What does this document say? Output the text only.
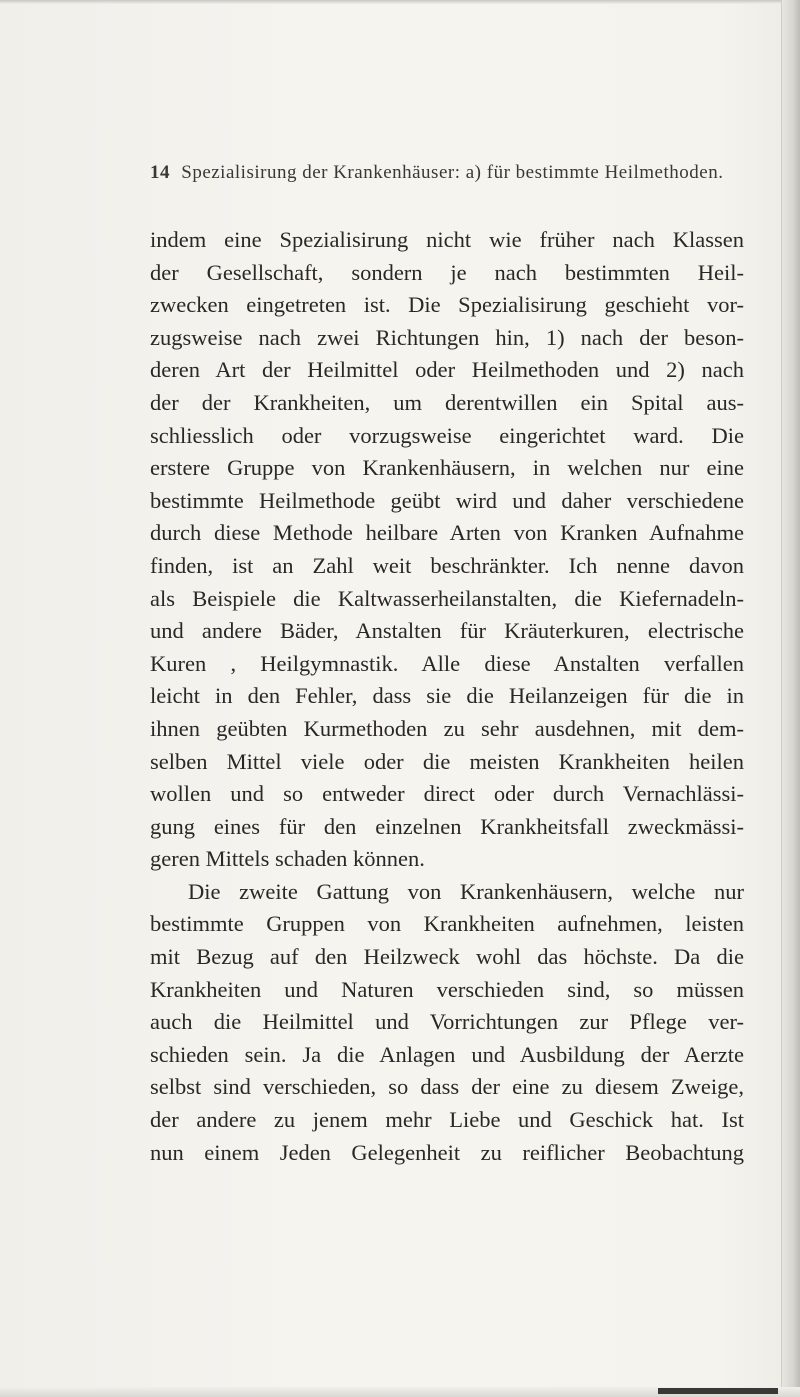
14 Spezialisirung der Krankenhäuser: a) für bestimmte Heilmethoden.
indem eine Spezialisirung nicht wie früher nach Klassen
der Gesellschaft, sondern je nach bestimmten Heil-
zwecken eingetreten ist. Die Spezialisirung geschieht vor-
zugsweise nach zwei Richtungen hin, 1) nach der beson-
deren Art der Heilmittel oder Heilmethoden und 2) nach
der der Krankheiten, um derentwillen ein Spital aus-
schliesslich oder vorzugsweise eingerichtet ward. Die
erstere Gruppe von Krankenhäusern, in welchen nur eine
bestimmte Heilmethode geübt wird und daher verschiedene
durch diese Methode heilbare Arten von Kranken Aufnahme
finden, ist an Zahl weit beschränkter. Ich nenne davon
als Beispiele die Kaltwasserheilanstalten, die Kiefernadeln-
und andere Bäder, Anstalten für Kräuterkuren, electrische
Kuren , Heilgymnastik. Alle diese Anstalten verfallen
leicht in den Fehler, dass sie die Heilanzeigen für die in
ihnen geübten Kurmethoden zu sehr ausdehnen, mit dem-
selben Mittel viele oder die meisten Krankheiten heilen
wollen und so entweder direct oder durch Vernachlässi-
gung eines für den einzelnen Krankheitsfall zweckmässi-
geren Mittels schaden können.
Die zweite Gattung von Krankenhäusern, welche nur
bestimmte Gruppen von Krankheiten aufnehmen, leisten
mit Bezug auf den Heilzweck wohl das höchste. Da die
Krankheiten und Naturen verschieden sind, so müssen
auch die Heilmittel und Vorrichtungen zur Pflege ver-
schieden sein. Ja die Anlagen und Ausbildung der Aerzte
selbst sind verschieden, so dass der eine zu diesem Zweige,
der andere zu jenem mehr Liebe und Geschick hat. Ist
nun einem Jeden Gelegenheit zu reiflicher Beobachtung
